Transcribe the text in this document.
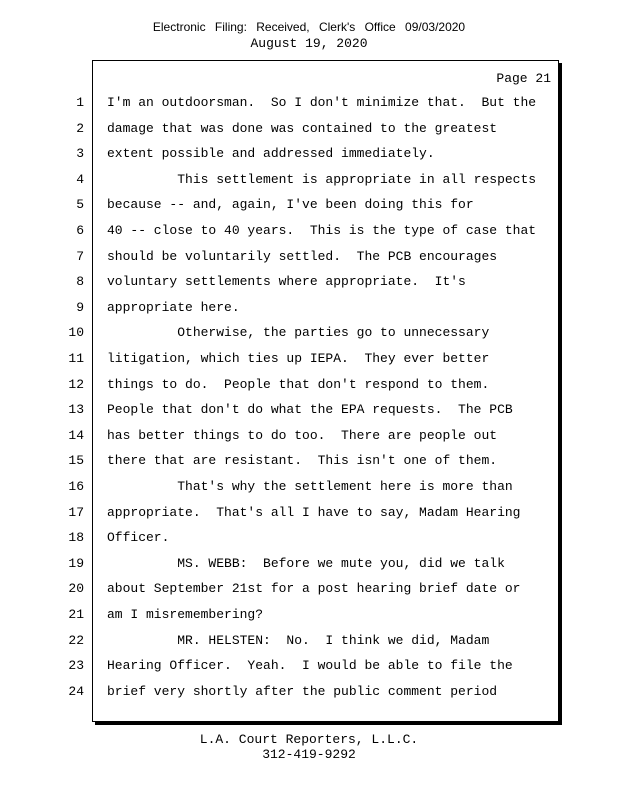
Electronic Filing: Received, Clerk's Office 09/03/2020
August 19, 2020
Page 21
1 I'm an outdoorsman.  So I don't minimize that.  But the
2 damage that was done was contained to the greatest
3 extent possible and addressed immediately.
4 This settlement is appropriate in all respects
5 because -- and, again, I've been doing this for
6 40 -- close to 40 years.  This is the type of case that
7 should be voluntarily settled.  The PCB encourages
8 voluntary settlements where appropriate.  It's
9 appropriate here.
10 Otherwise, the parties go to unnecessary
11 litigation, which ties up IEPA.  They ever better
12 things to do.  People that don't respond to them.
13 People that don't do what the EPA requests.  The PCB
14 has better things to do too.  There are people out
15 there that are resistant.  This isn't one of them.
16 That's why the settlement here is more than
17 appropriate.  That's all I have to say, Madam Hearing
18 Officer.
19 MS. WEBB:  Before we mute you, did we talk
20 about September 21st for a post hearing brief date or
21 am I misremembering?
22 MR. HELSTEN:  No.  I think we did, Madam
23 Hearing Officer.  Yeah.  I would be able to file the
24 brief very shortly after the public comment period
L.A. Court Reporters, L.L.C.
312-419-9292
